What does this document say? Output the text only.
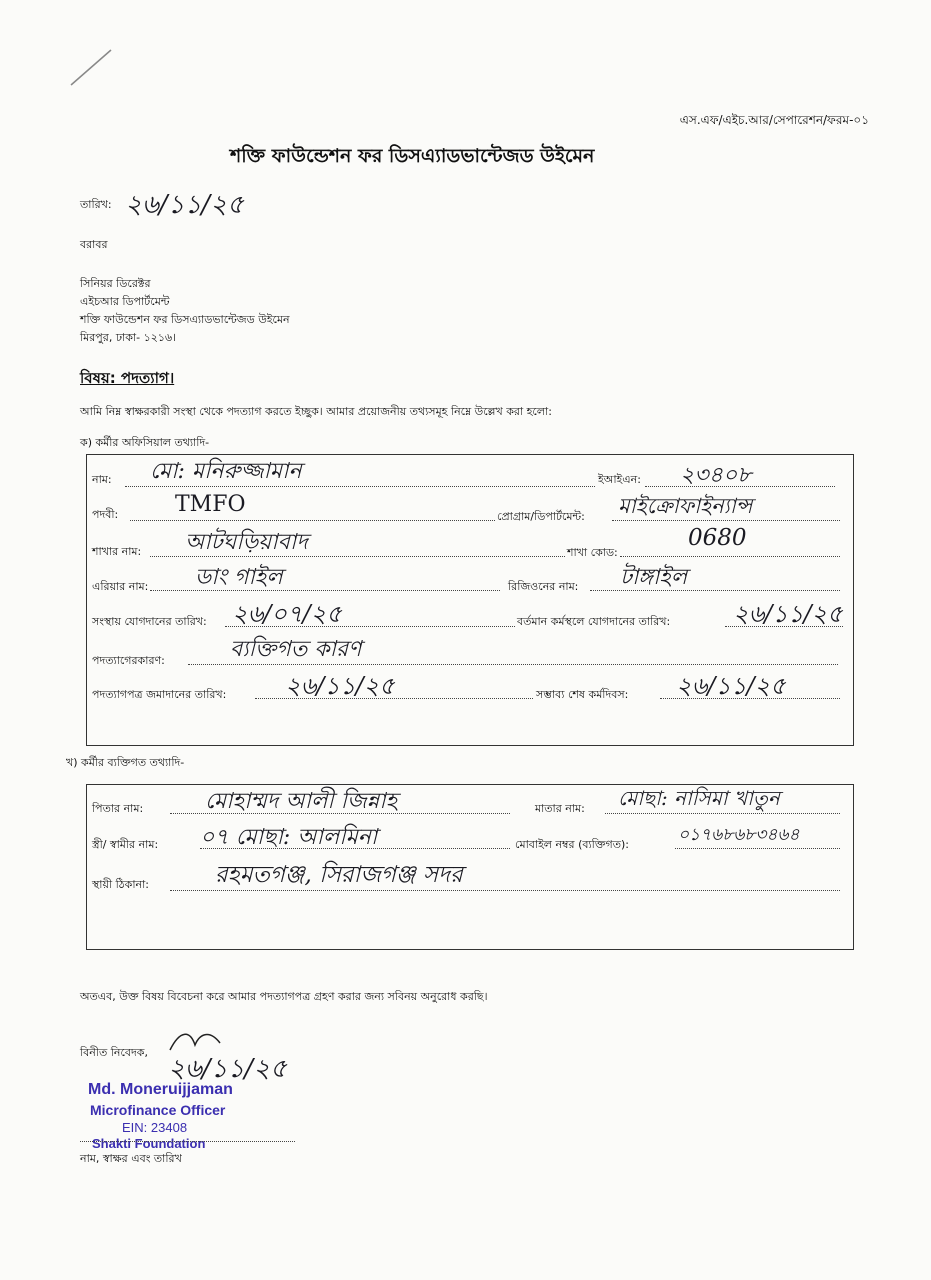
এস.এফ/এইচ.আর/সেপারেশন/ফরম-০১
শক্তি ফাউন্ডেশন ফর ডিসএ্যাডভান্টেজড উইমেন
তারিখ: ২৬/১১/২৫
বরাবর
সিনিয়র ডিরেক্টর
এইচআর ডিপার্টমেন্ট
শক্তি ফাউন্ডেশন ফর ডিসএ্যাডভান্টেজড উইমেন
মিরপুর, ঢাকা- ১২১৬।
বিষয়: পদত্যাগ।
আমি নিম্ন স্বাক্ষরকারী সংস্থা থেকে পদত্যাগ করতে ইচ্ছুক। আমার প্রয়োজনীয় তথ্যসমূহ নিম্নে উল্লেখ করা হলো:
ক) কর্মীর অফিসিয়াল তথ্যাদি-
নাম: মো: মনিরুজ্জামান	ইআইএন: ২৩৪০৮
পদবী:	TMFO	প্রোগ্রাম/ডিপার্টমেন্ট: মাইক্রোফাইন্যান্স
শাখার নাম: আটঘড়িয়াবাদ	শাখা কোড:
0680
এরিয়ার নাম: ডাং গাইল	রিজিওনের নাম: টাঙ্গাইল
সংস্থায় যোগদানের তারিখ: ২৬/০৭/২৫	বর্তমান কর্মস্থলে যোগদানের তারিখ:	২৬/১১/২৫
পদত্যাগেরকারণ:	ব্যক্তিগত কারণ
পদত্যাগপত্র জমাদানের তারিখ: ২৬/১১/২৫	সম্ভাব্য শেষ কর্মদিবস: ২৬/১১/২৫
খ) কর্মীর ব্যক্তিগত তথ্যাদি-
পিতার নাম:	মোহাম্মদ আলী জিন্নাহ	মাতার নাম: মোছা: নাসিমা খাতুন
স্ত্রী/ স্বামীর নাম: ০৭ মোছা: আলমিনা	মোবাইল নম্বর (ব্যক্তিগত):	০১৭৬৮৬৮৩৪৬৪
স্থায়ী ঠিকানা:	রহমতগঞ্জ, সিরাজগঞ্জ সদর
অতএব, উক্ত বিষয় বিবেচনা করে আমার পদত্যাগপত্র গ্রহণ করার জন্য সবিনয় অনুরোধ করছি।
বিনীত নিবেদক,
২৬/১১/২৫
Md. Moneruijjaman
Microfinance Officer
EIN: 23408
Shakti Foundation
নাম, স্বাক্ষর এবং তারিখ
